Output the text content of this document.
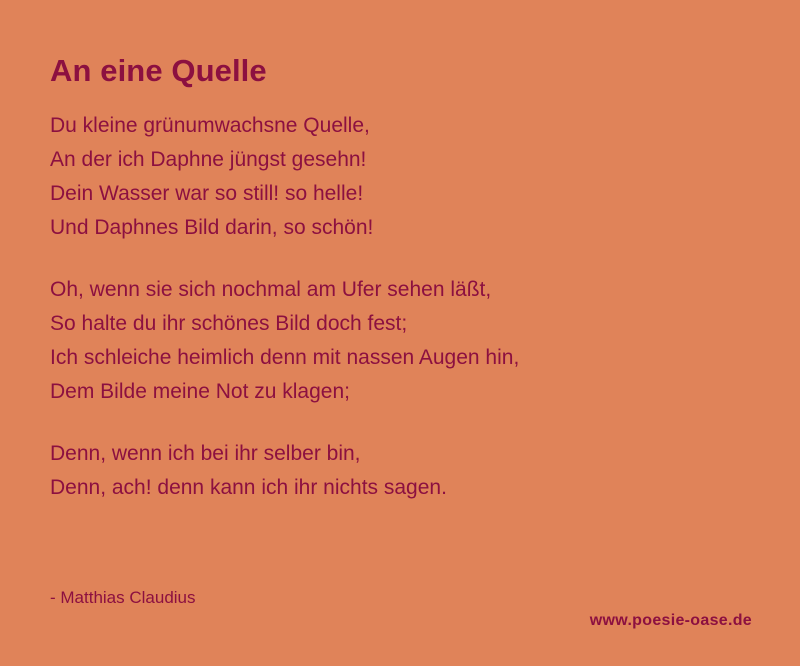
An eine Quelle
Du kleine grünumwachsne Quelle,
An der ich Daphne jüngst gesehn!
Dein Wasser war so still! so helle!
Und Daphnes Bild darin, so schön!
Oh, wenn sie sich nochmal am Ufer sehen läßt,
So halte du ihr schönes Bild doch fest;
Ich schleiche heimlich denn mit nassen Augen hin,
Dem Bilde meine Not zu klagen;
Denn, wenn ich bei ihr selber bin,
Denn, ach! denn kann ich ihr nichts sagen.
- Matthias Claudius
www.poesie-oase.de
